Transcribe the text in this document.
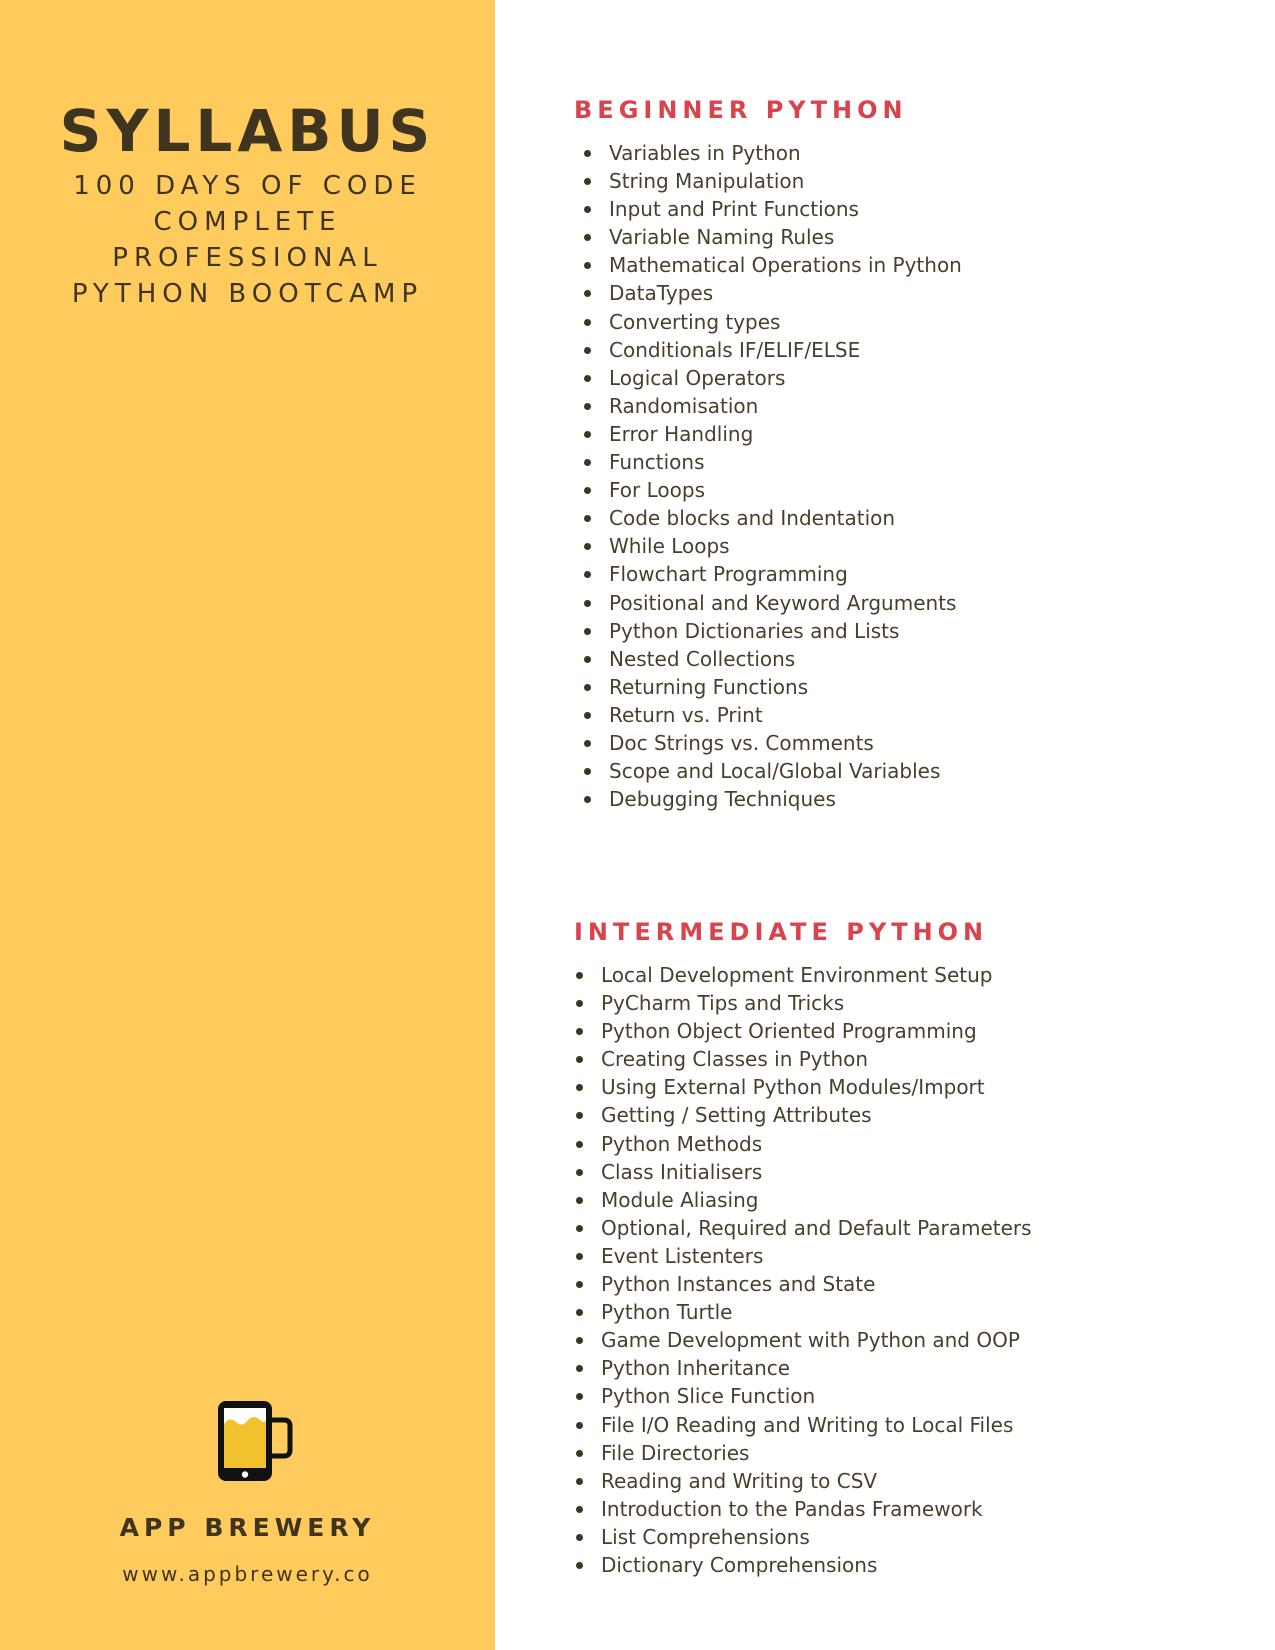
SYLLABUS
100 DAYS OF CODE
COMPLETE
PROFESSIONAL
PYTHON BOOTCAMP
APP BREWERY
www.appbrewery.co
BEGINNER PYTHON
Variables in Python
String Manipulation
Input and Print Functions
Variable Naming Rules
Mathematical Operations in Python
DataTypes
Converting types
Conditionals IF/ELIF/ELSE
Logical Operators
Randomisation
Error Handling
Functions
For Loops
Code blocks and Indentation
While Loops
Flowchart Programming
Positional and Keyword Arguments
Python Dictionaries and Lists
Nested Collections
Returning Functions
Return vs. Print
Doc Strings vs. Comments
Scope and Local/Global Variables
Debugging Techniques
INTERMEDIATE PYTHON
Local Development Environment Setup
PyCharm Tips and Tricks
Python Object Oriented Programming
Creating Classes in Python
Using External Python Modules/Import
Getting / Setting Attributes
Python Methods
Class Initialisers
Module Aliasing
Optional, Required and Default Parameters
Event Listenters
Python Instances and State
Python Turtle
Game Development with Python and OOP
Python Inheritance
Python Slice Function
File I/O Reading and Writing to Local Files
File Directories
Reading and Writing to CSV
Introduction to the Pandas Framework
List Comprehensions
Dictionary Comprehensions
